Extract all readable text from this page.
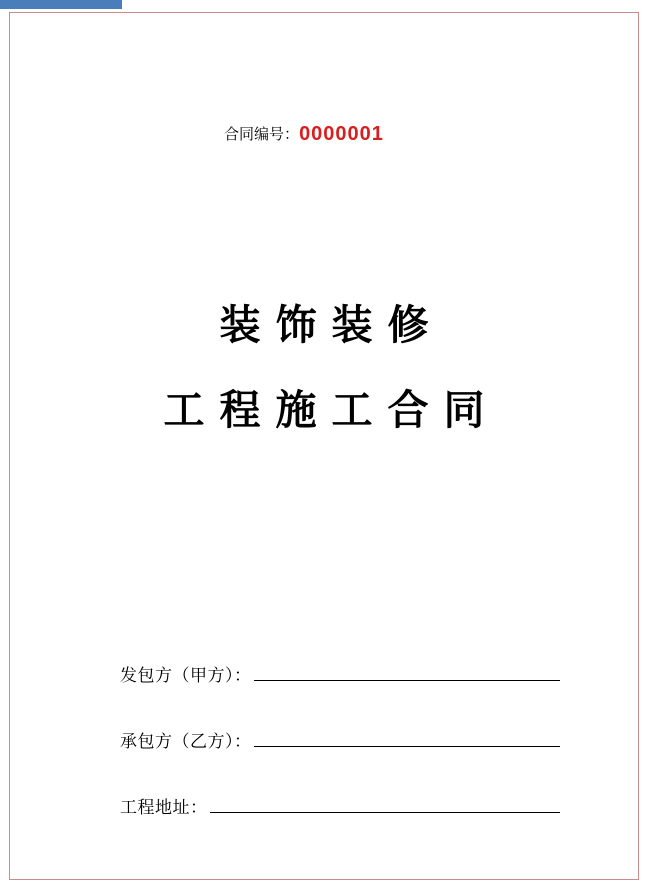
合同编号：0000001
装饰装修
工程施工合同
发包方（甲方）：
承包方（乙方）：
工程地址：
